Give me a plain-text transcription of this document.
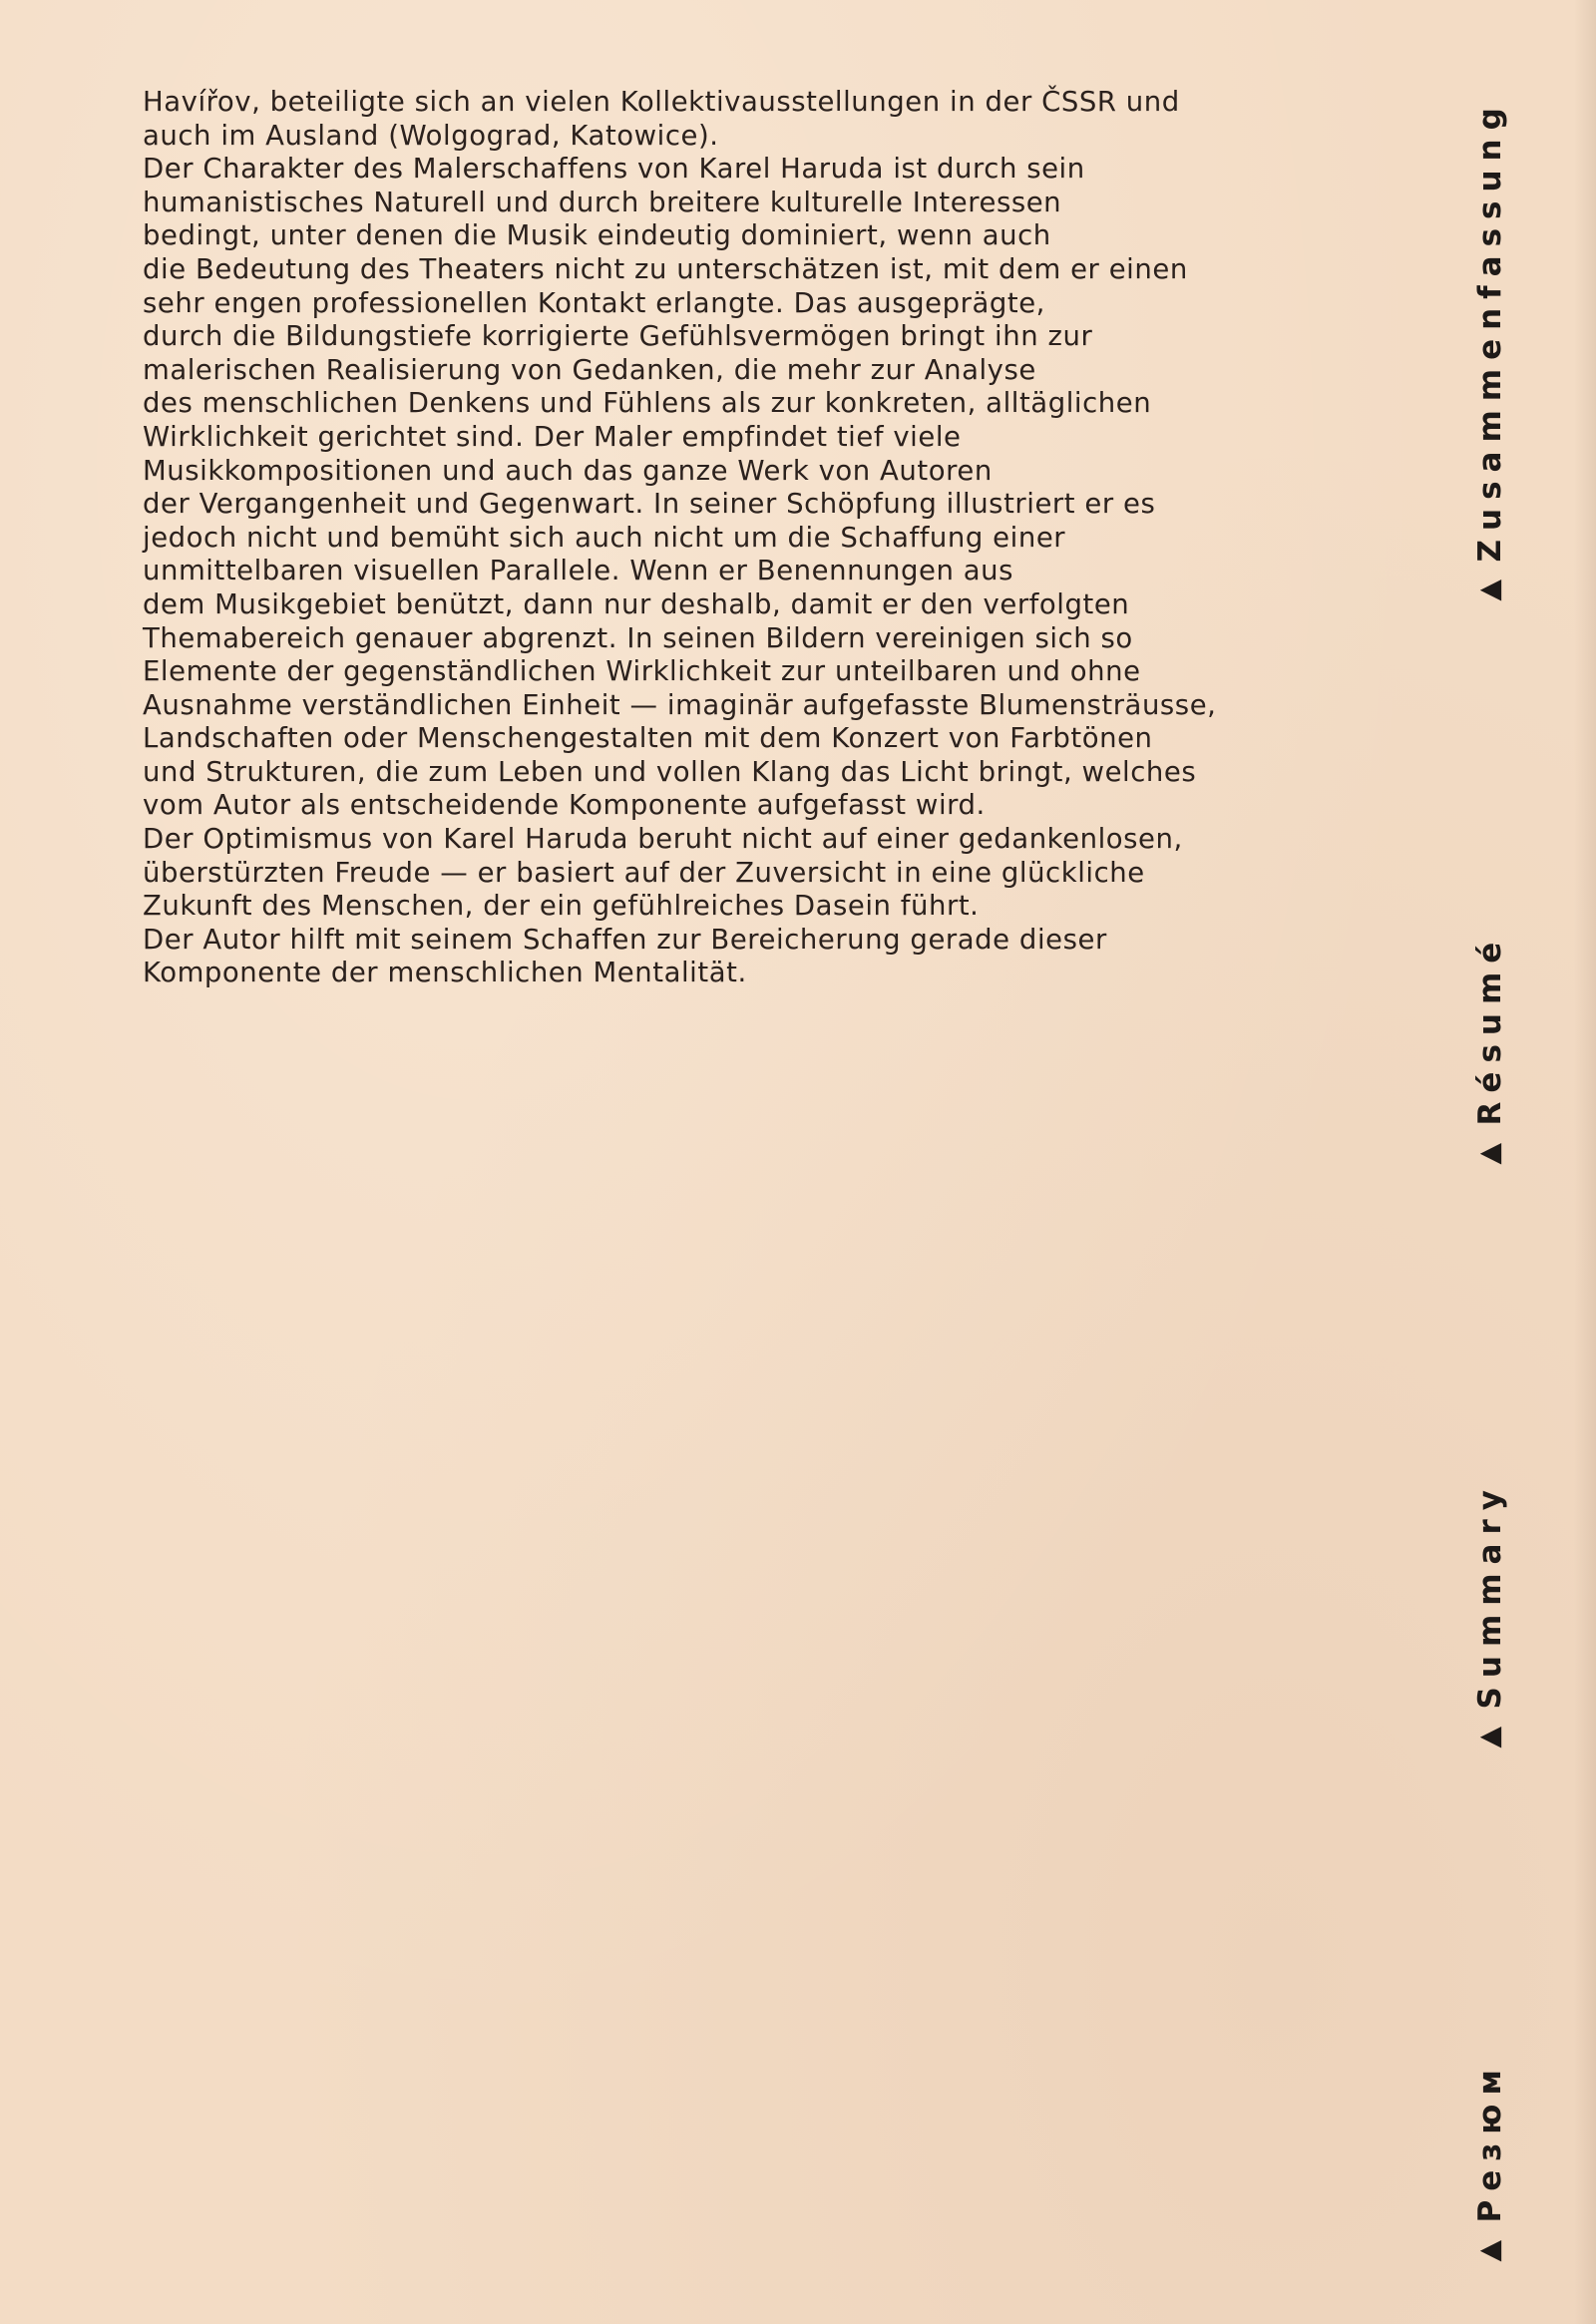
Havířov, beteiligte sich an vielen Kollektivausstellungen in der ČSSR und
auch im Ausland (Wolgograd, Katowice).
Der Charakter des Malerschaffens von Karel Haruda ist durch sein
humanistisches Naturell und durch breitere kulturelle Interessen
bedingt, unter denen die Musik eindeutig dominiert, wenn auch
die Bedeutung des Theaters nicht zu unterschätzen ist, mit dem er einen
sehr engen professionellen Kontakt erlangte. Das ausgeprägte,
durch die Bildungstiefe korrigierte Gefühlsvermögen bringt ihn zur
malerischen Realisierung von Gedanken, die mehr zur Analyse
des menschlichen Denkens und Fühlens als zur konkreten, alltäglichen
Wirklichkeit gerichtet sind. Der Maler empfindet tief viele
Musikkompositionen und auch das ganze Werk von Autoren
der Vergangenheit und Gegenwart. In seiner Schöpfung illustriert er es
jedoch nicht und bemüht sich auch nicht um die Schaffung einer
unmittelbaren visuellen Parallele. Wenn er Benennungen aus
dem Musikgebiet benützt, dann nur deshalb, damit er den verfolgten
Themabereich genauer abgrenzt. In seinen Bildern vereinigen sich so
Elemente der gegenständlichen Wirklichkeit zur unteilbaren und ohne
Ausnahme verständlichen Einheit — imaginär aufgefasste Blumensträusse,
Landschaften oder Menschengestalten mit dem Konzert von Farbtönen
und Strukturen, die zum Leben und vollen Klang das Licht bringt, welches
vom Autor als entscheidende Komponente aufgefasst wird.
Der Optimismus von Karel Haruda beruht nicht auf einer gedankenlosen,
überstürzten Freude — er basiert auf der Zuversicht in eine glückliche
Zukunft des Menschen, der ein gefühlreiches Dasein führt.
Der Autor hilft mit seinem Schaffen zur Bereicherung gerade dieser
Komponente der menschlichen Mentalität.
▶
Zusammenfassung
▶
Résumé
▶
Summary
▶
Резюм
